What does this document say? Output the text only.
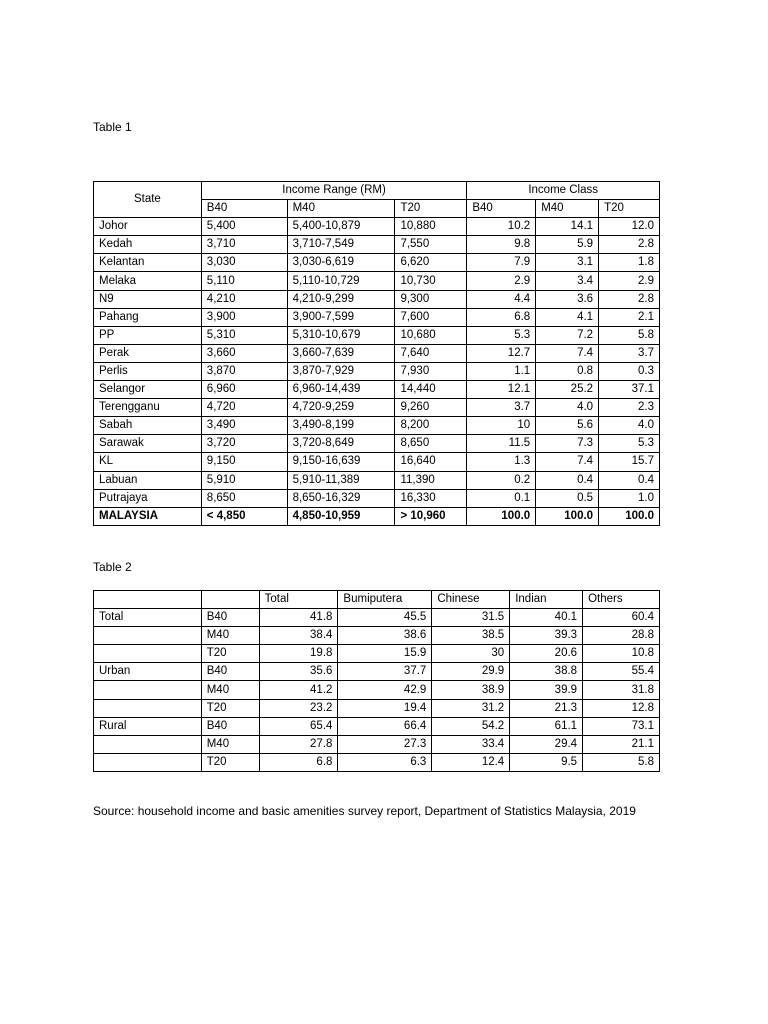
Table 1
State	Income Range (RM)			Income Class		
	B40	M40	T20	B40	M40	T20
Johor	5,400	5,400-10,879	10,880	10.2	14.1	12.0
Kedah	3,710	3,710-7,549	7,550	9.8	5.9	2.8
Kelantan	3,030	3,030-6,619	6,620	7.9	3.1	1.8
Melaka	5,110	5,110-10,729	10,730	2.9	3.4	2.9
N9	4,210	4,210-9,299	9,300	4.4	3.6	2.8
Pahang	3,900	3,900-7,599	7,600	6.8	4.1	2.1
PP	5,310	5,310-10,679	10,680	5.3	7.2	5.8
Perak	3,660	3,660-7,639	7,640	12.7	7.4	3.7
Perlis	3,870	3,870-7,929	7,930	1.1	0.8	0.3
Selangor	6,960	6,960-14,439	14,440	12.1	25.2	37.1
Terengganu	4,720	4,720-9,259	9,260	3.7	4.0	2.3
Sabah	3,490	3,490-8,199	8,200	10	5.6	4.0
Sarawak	3,720	3,720-8,649	8,650	11.5	7.3	5.3
KL	9,150	9,150-16,639	16,640	1.3	7.4	15.7
Labuan	5,910	5,910-11,389	11,390	0.2	0.4	0.4
Putrajaya	8,650	8,650-16,329	16,330	0.1	0.5	1.0
MALAYSIA	< 4,850	4,850-10,959	> 10,960	100.0	100.0	100.0
Table 2
		Total	Bumiputera	Chinese	Indian	Others
Total	B40	41.8	45.5	31.5	40.1	60.4
	M40	38.4	38.6	38.5	39.3	28.8
	T20	19.8	15.9	30	20.6	10.8
Urban	B40	35.6	37.7	29.9	38.8	55.4
	M40	41.2	42.9	38.9	39.9	31.8
	T20	23.2	19.4	31.2	21.3	12.8
Rural	B40	65.4	66.4	54.2	61.1	73.1
	M40	27.8	27.3	33.4	29.4	21.1
	T20	6.8	6.3	12.4	9.5	5.8
Source: household income and basic amenities survey report, Department of Statistics Malaysia, 2019
